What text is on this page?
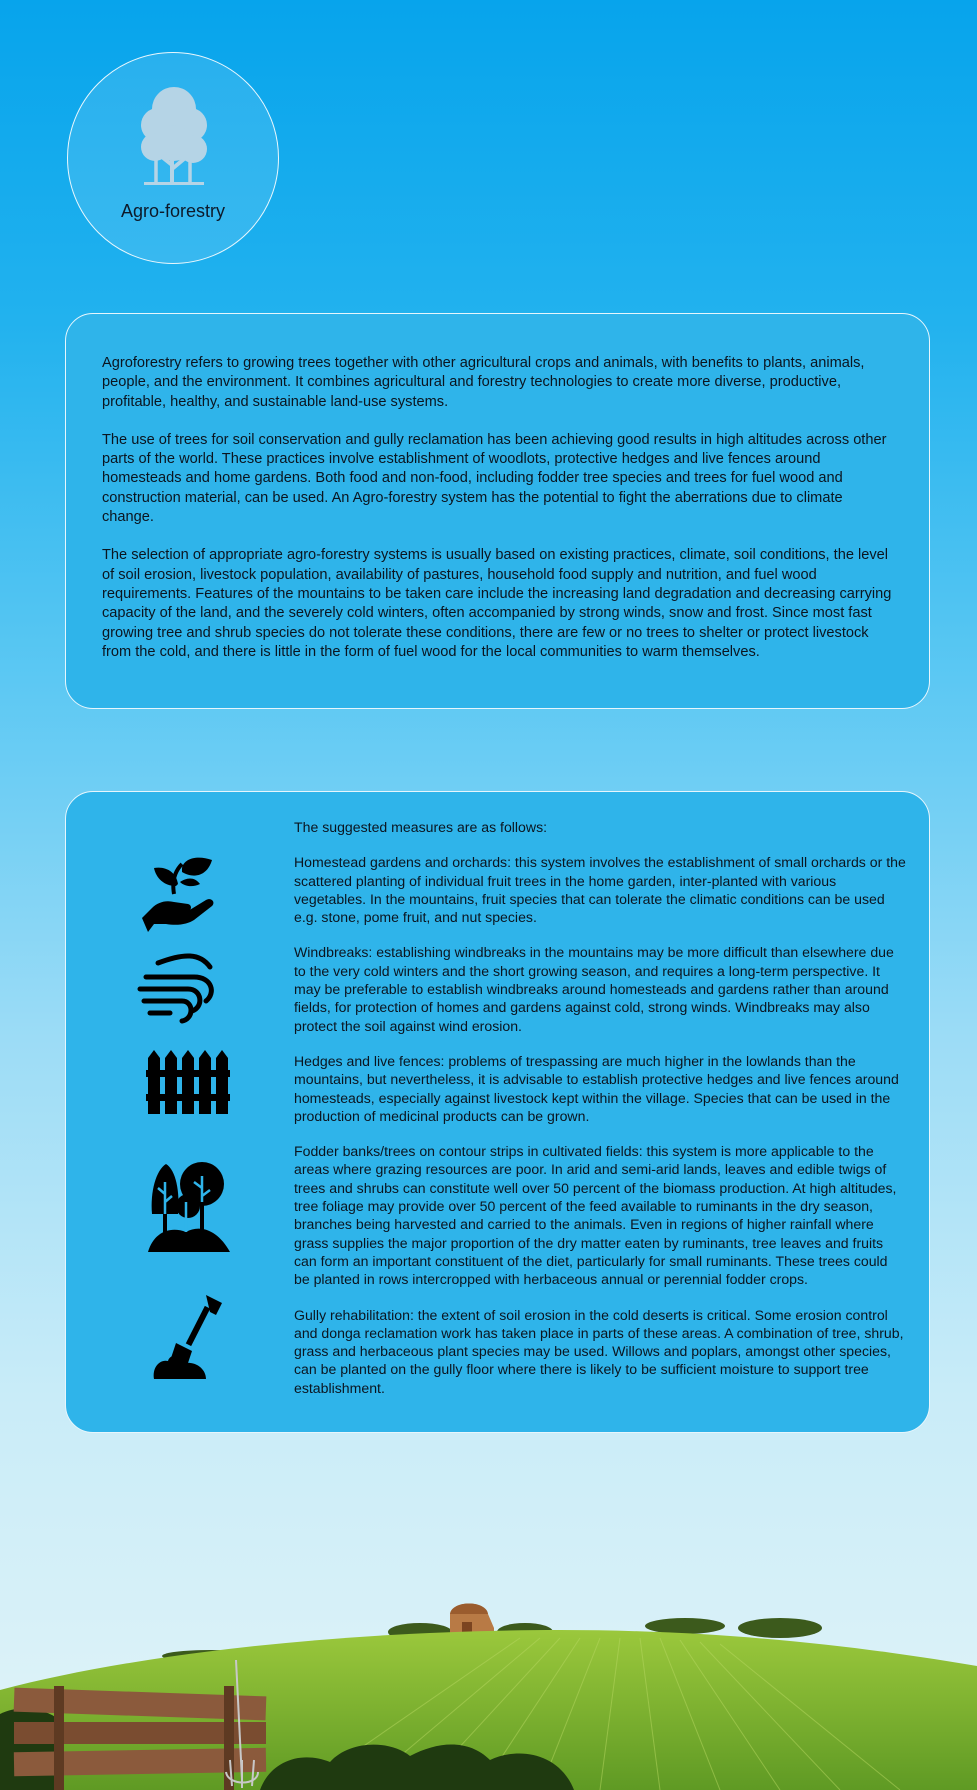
Agro-forestry

Agroforestry refers to growing trees together with other agricultural crops and animals, with benefits to plants, animals, people, and the environment. It combines agricultural and forestry technologies to create more diverse, productive, profitable, healthy, and sustainable land-use systems.

The use of trees for soil conservation and gully reclamation has been achieving good results in high altitudes across other parts of the world. These practices involve establishment of woodlots, protective hedges and live fences around homesteads and home gardens. Both food and non-food, including fodder tree species and trees for fuel wood and construction material, can be used. An Agro-forestry system has the potential to fight the aberrations due to climate change.

The selection of appropriate agro-forestry systems is usually based on existing practices, climate, soil conditions, the level of soil erosion, livestock population, availability of pastures, household food supply and nutrition, and fuel wood requirements. Features of the mountains to be taken care include the increasing land degradation and decreasing carrying capacity of the land, and the severely cold winters, often accompanied by strong winds, snow and frost. Since most fast growing tree and shrub species do not tolerate these conditions, there are few or no trees to shelter or protect livestock from the cold, and there is little in the form of fuel wood for the local communities to warm themselves.

The suggested measures are as follows:

Homestead gardens and orchards: this system involves the establishment of small orchards or the scattered planting of individual fruit trees in the home garden, inter-planted with various vegetables. In the mountains, fruit species that can tolerate the climatic conditions can be used e.g. stone, pome fruit, and nut species.

Windbreaks: establishing windbreaks in the mountains may be more difficult than elsewhere due to the very cold winters and the short growing season, and requires a long-term perspective. It may be preferable to establish windbreaks around homesteads and gardens rather than around fields, for protection of homes and gardens against cold, strong winds. Windbreaks may also protect the soil against wind erosion.

Hedges and live fences: problems of trespassing are much higher in the lowlands than the mountains, but nevertheless, it is advisable to establish protective hedges and live fences around homesteads, especially against livestock kept within the village. Species that can be used in the production of medicinal products can be grown.

Fodder banks/trees on contour strips in cultivated fields: this system is more applicable to the areas where grazing resources are poor. In arid and semi-arid lands, leaves and edible twigs of trees and shrubs can constitute well over 50 percent of the biomass production. At high altitudes, tree foliage may provide over 50 percent of the feed available to ruminants in the dry season, branches being harvested and carried to the animals. Even in regions of higher rainfall where grass supplies the major proportion of the dry matter eaten by ruminants, tree leaves and fruits can form an important constituent of the diet, particularly for small ruminants. These trees could be planted in rows intercropped with herbaceous annual or perennial fodder crops.

Gully rehabilitation: the extent of soil erosion in the cold deserts is critical. Some erosion control and donga reclamation work has taken place in parts of these areas. A combination of tree, shrub, grass and herbaceous plant species may be used. Willows and poplars, amongst other species, can be planted on the gully floor where there is likely to be sufficient moisture to support tree establishment.
